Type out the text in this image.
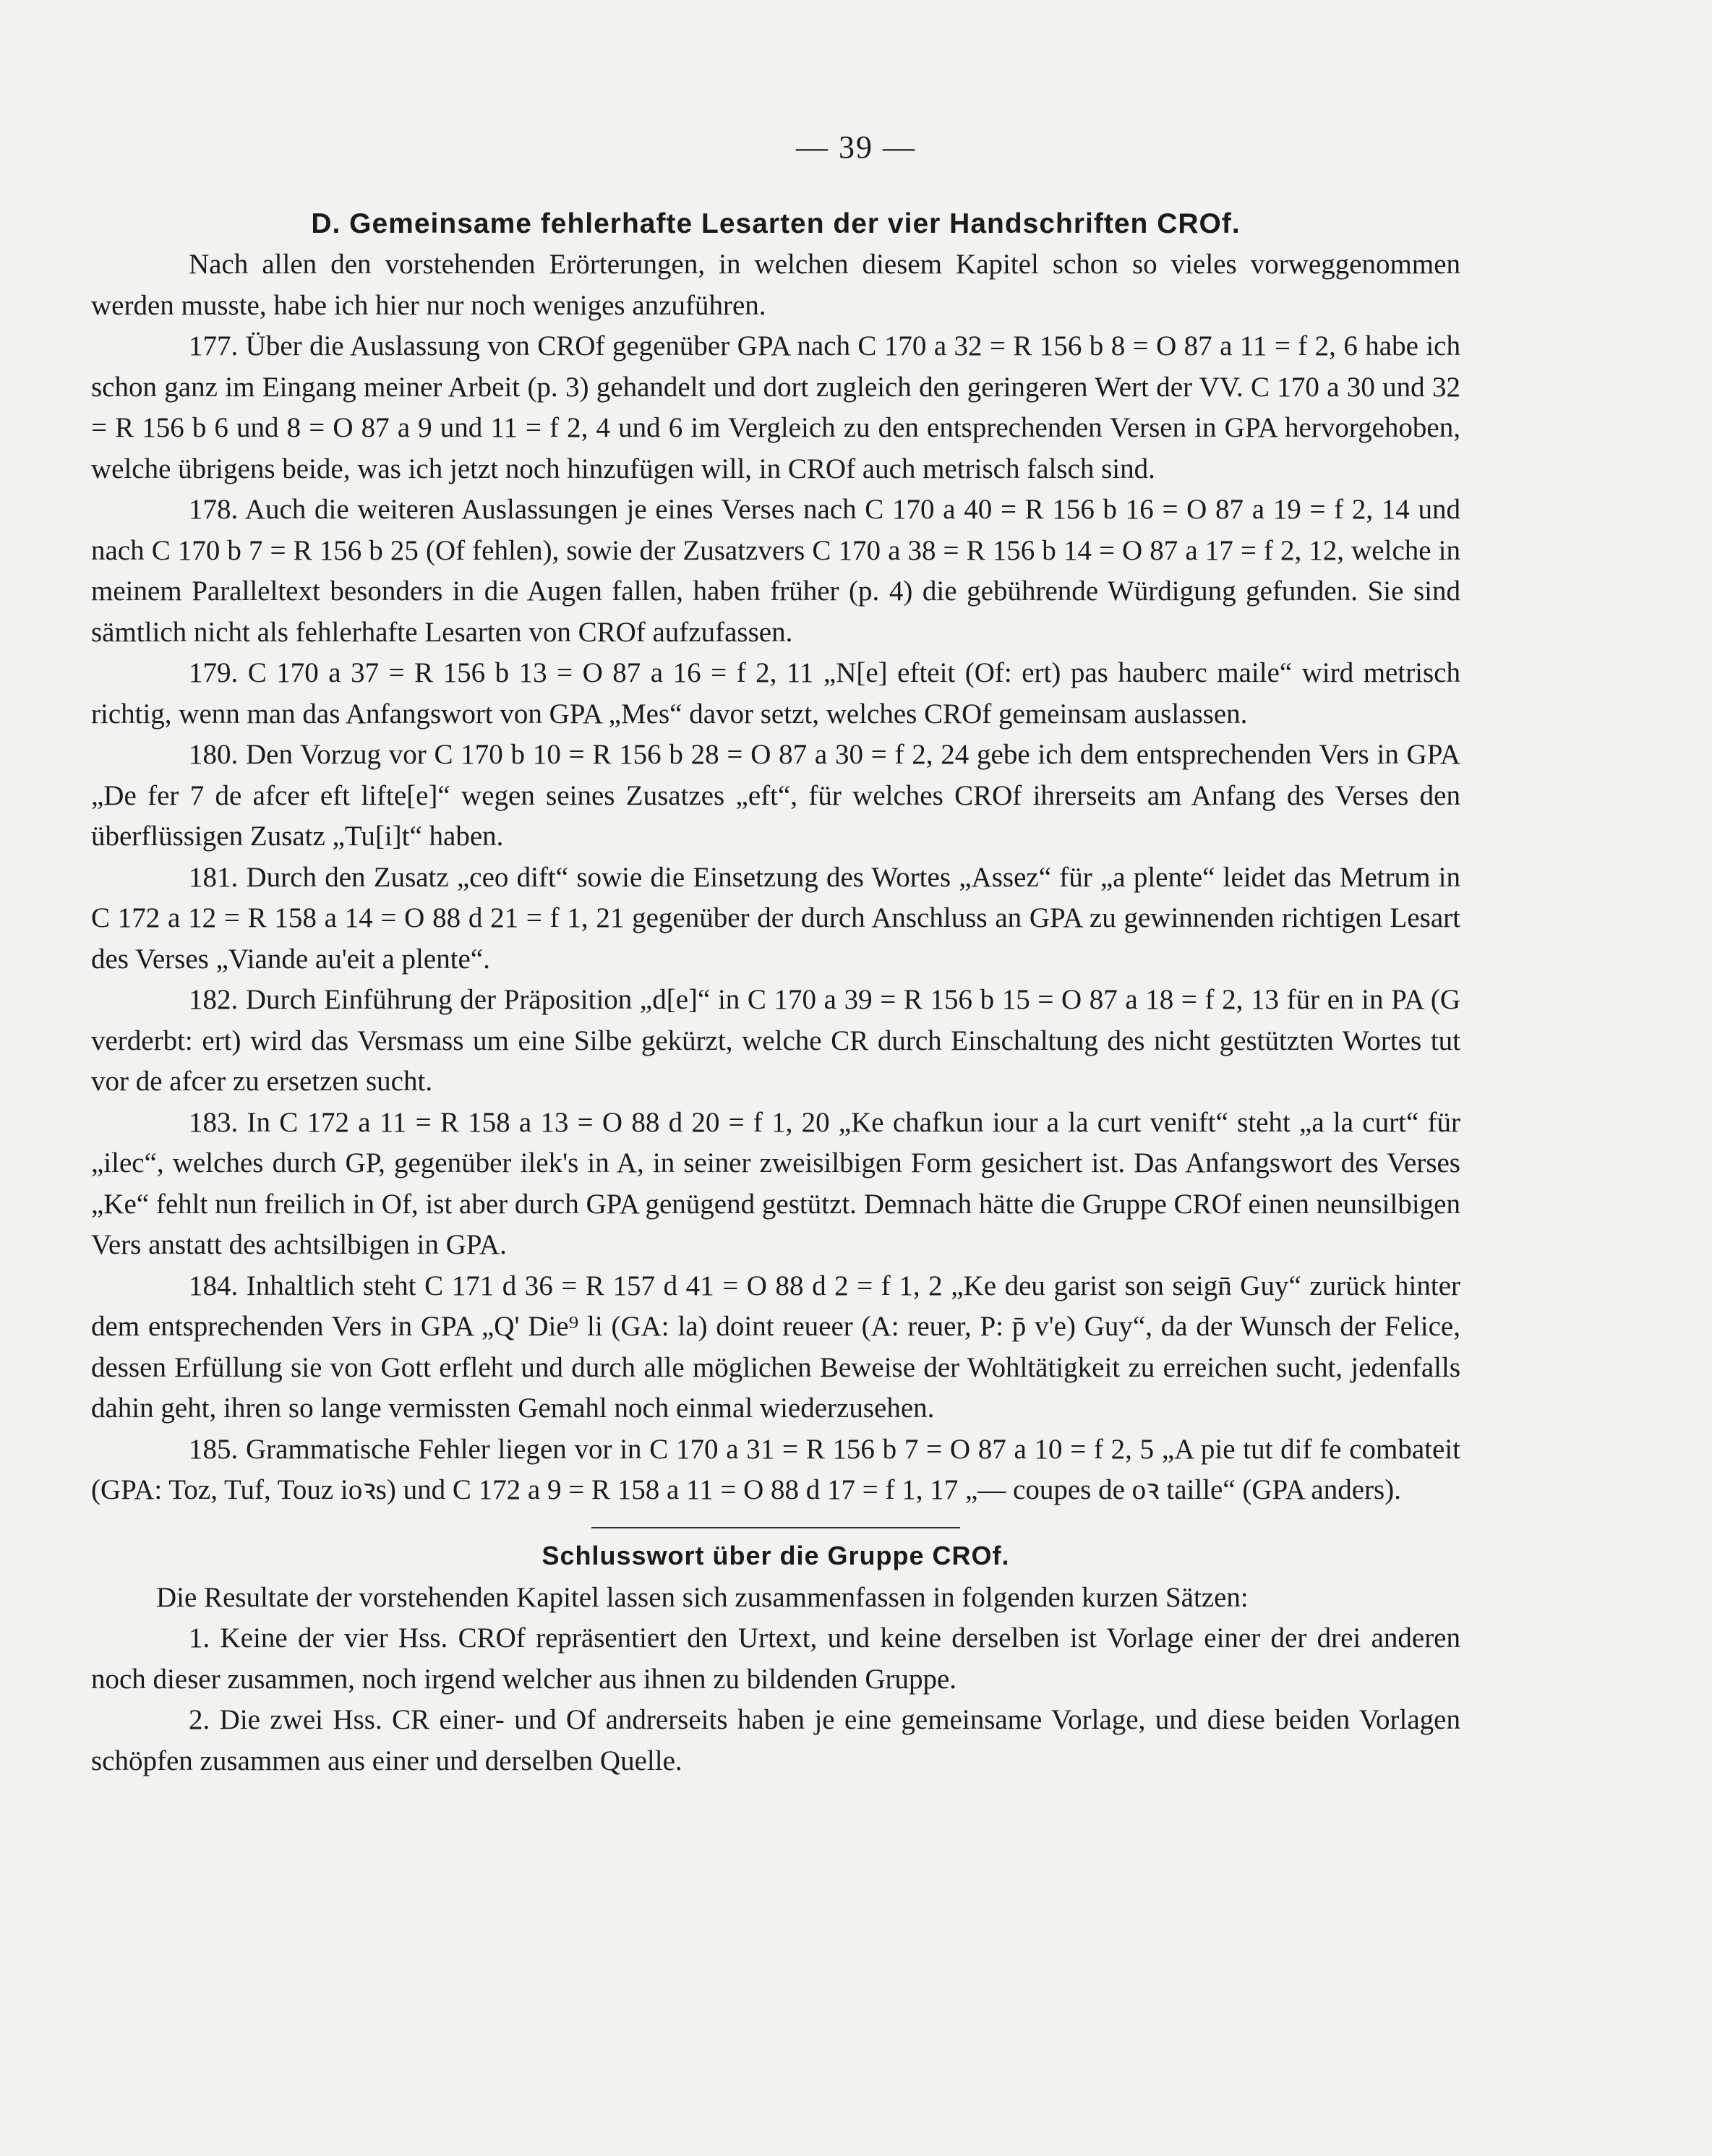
— 39 —
D. Gemeinsame fehlerhafte Lesarten der vier Handschriften CROf.

Nach allen den vorstehenden Erörterungen, in welchen diesem Kapitel schon so vieles vorweggenommen werden musste, habe ich hier nur noch weniges anzuführen.

177. Über die Auslassung von CROf gegenüber GPA nach C 170 a 32 = R 156 b 8 = O 87 a 11 = f 2, 6 habe ich schon ganz im Eingang meiner Arbeit (p. 3) gehandelt und dort zugleich den geringeren Wert der VV. C 170 a 30 und 32 = R 156 b 6 und 8 = O 87 a 9 und 11 = f 2, 4 und 6 im Vergleich zu den entsprechenden Versen in GPA hervorgehoben, welche übrigens beide, was ich jetzt noch hinzufügen will, in CROf auch metrisch falsch sind.

178. Auch die weiteren Auslassungen je eines Verses nach C 170 a 40 = R 156 b 16 = O 87 a 19 = f 2, 14 und nach C 170 b 7 = R 156 b 25 (Of fehlen), sowie der Zusatzvers C 170 a 38 = R 156 b 14 = O 87 a 17 = f 2, 12, welche in meinem Paralleltext besonders in die Augen fallen, haben früher (p. 4) die gebührende Würdigung gefunden. Sie sind sämtlich nicht als fehlerhafte Lesarten von CROf aufzufassen.

179. C 170 a 37 = R 156 b 13 = O 87 a 16 = f 2, 11 „N[e] efteit (Of: ert) pas hauberc maile“ wird metrisch richtig, wenn man das Anfangswort von GPA „Mes“ davor setzt, welches CROf gemeinsam auslassen.

180. Den Vorzug vor C 170 b 10 = R 156 b 28 = O 87 a 30 = f 2, 24 gebe ich dem entsprechenden Vers in GPA „De fer 7 de afcer eft lifte[e]“ wegen seines Zusatzes „eft“, für welches CROf ihrerseits am Anfang des Verses den überflüssigen Zusatz „Tu[i]t“ haben.

181. Durch den Zusatz „ceo dift“ sowie die Einsetzung des Wortes „Assez“ für „a plente“ leidet das Metrum in C 172 a 12 = R 158 a 14 = O 88 d 21 = f 1, 21 gegenüber der durch Anschluss an GPA zu gewinnenden richtigen Lesart des Verses „Viande au'eit a plente“.

182. Durch Einführung der Präposition „d[e]“ in C 170 a 39 = R 156 b 15 = O 87 a 18 = f 2, 13 für en in PA (G verderbt: ert) wird das Versmass um eine Silbe gekürzt, welche CR durch Einschaltung des nicht gestützten Wortes tut vor de afcer zu ersetzen sucht.

183. In C 172 a 11 = R 158 a 13 = O 88 d 20 = f 1, 20 „Ke chafkun iour a la curt venift“ steht „a la curt“ für „ilec“, welches durch GP, gegenüber ilek's in A, in seiner zweisilbigen Form gesichert ist. Das Anfangswort des Verses „Ke“ fehlt nun freilich in Of, ist aber durch GPA genügend gestützt. Demnach hätte die Gruppe CROf einen neunsilbigen Vers anstatt des achtsilbigen in GPA.

184. Inhaltlich steht C 171 d 36 = R 157 d 41 = O 88 d 2 = f 1, 2 „Ke deu garist son seign̄ Guy“ zurück hinter dem entsprechenden Vers in GPA „Q' Die⁹ li (GA: la) doint reueer (A: reuer, P: p̄ v'e) Guy“, da der Wunsch der Felice, dessen Erfüllung sie von Gott erfleht und durch alle möglichen Beweise der Wohltätigkeit zu erreichen sucht, jedenfalls dahin geht, ihren so lange vermissten Gemahl noch einmal wiederzusehen.

185. Grammatische Fehler liegen vor in C 170 a 31 = R 156 b 7 = O 87 a 10 = f 2, 5 „A pie tut dif fe combateit (GPA: Toz, Tuf, Touz ioꝛs) und C 172 a 9 = R 158 a 11 = O 88 d 17 = f 1, 17 „— coupes de oꝛ taille“ (GPA anders).

Schlusswort über die Gruppe CROf.

Die Resultate der vorstehenden Kapitel lassen sich zusammenfassen in folgenden kurzen Sätzen:

1. Keine der vier Hss. CROf repräsentiert den Urtext, und keine derselben ist Vorlage einer der drei anderen noch dieser zusammen, noch irgend welcher aus ihnen zu bildenden Gruppe.

2. Die zwei Hss. CR einer- und Of andrerseits haben je eine gemeinsame Vorlage, und diese beiden Vorlagen schöpfen zusammen aus einer und derselben Quelle.
